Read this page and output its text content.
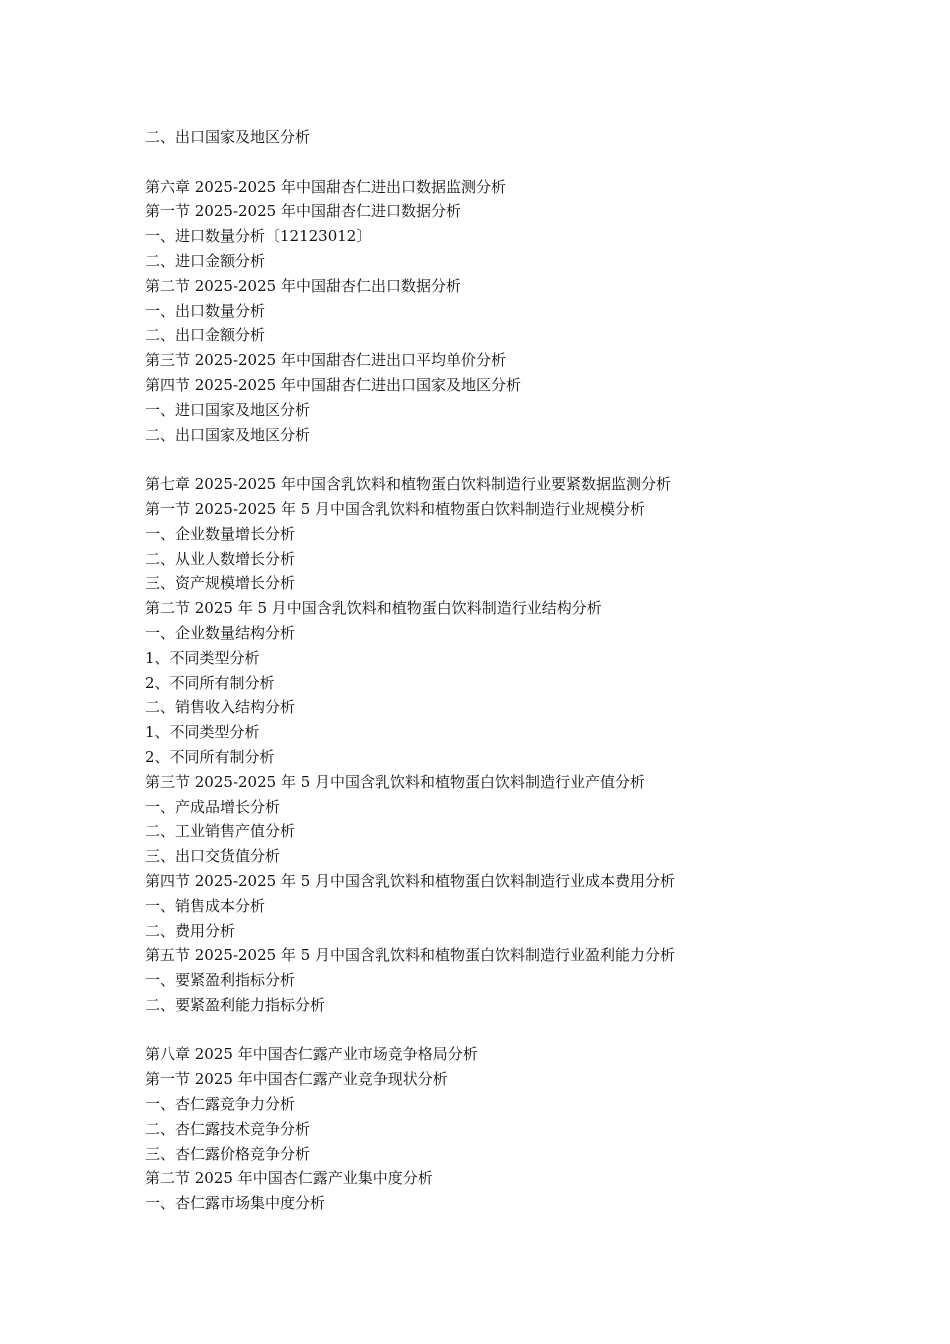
二、出口国家及地区分析
第六章 2025-2025 年中国甜杏仁进出口数据监测分析
第一节 2025-2025 年中国甜杏仁进口数据分析
一、进口数量分析〔12123012〕
二、进口金额分析
第二节 2025-2025 年中国甜杏仁出口数据分析
一、出口数量分析
二、出口金额分析
第三节 2025-2025 年中国甜杏仁进出口平均单价分析
第四节 2025-2025 年中国甜杏仁进出口国家及地区分析
一、进口国家及地区分析
二、出口国家及地区分析
第七章 2025-2025 年中国含乳饮料和植物蛋白饮料制造行业要紧数据监测分析
第一节 2025-2025 年 5 月中国含乳饮料和植物蛋白饮料制造行业规模分析
一、企业数量增长分析
二、从业人数增长分析
三、资产规模增长分析
第二节 2025 年 5 月中国含乳饮料和植物蛋白饮料制造行业结构分析
一、企业数量结构分析
1、不同类型分析
2、不同所有制分析
二、销售收入结构分析
1、不同类型分析
2、不同所有制分析
第三节 2025-2025 年 5 月中国含乳饮料和植物蛋白饮料制造行业产值分析
一、产成品增长分析
二、工业销售产值分析
三、出口交货值分析
第四节 2025-2025 年 5 月中国含乳饮料和植物蛋白饮料制造行业成本费用分析
一、销售成本分析
二、费用分析
第五节 2025-2025 年 5 月中国含乳饮料和植物蛋白饮料制造行业盈利能力分析
一、要紧盈利指标分析
二、要紧盈利能力指标分析
第八章 2025 年中国杏仁露产业市场竞争格局分析
第一节 2025 年中国杏仁露产业竞争现状分析
一、杏仁露竞争力分析
二、杏仁露技术竞争分析
三、杏仁露价格竞争分析
第二节 2025 年中国杏仁露产业集中度分析
一、杏仁露市场集中度分析
